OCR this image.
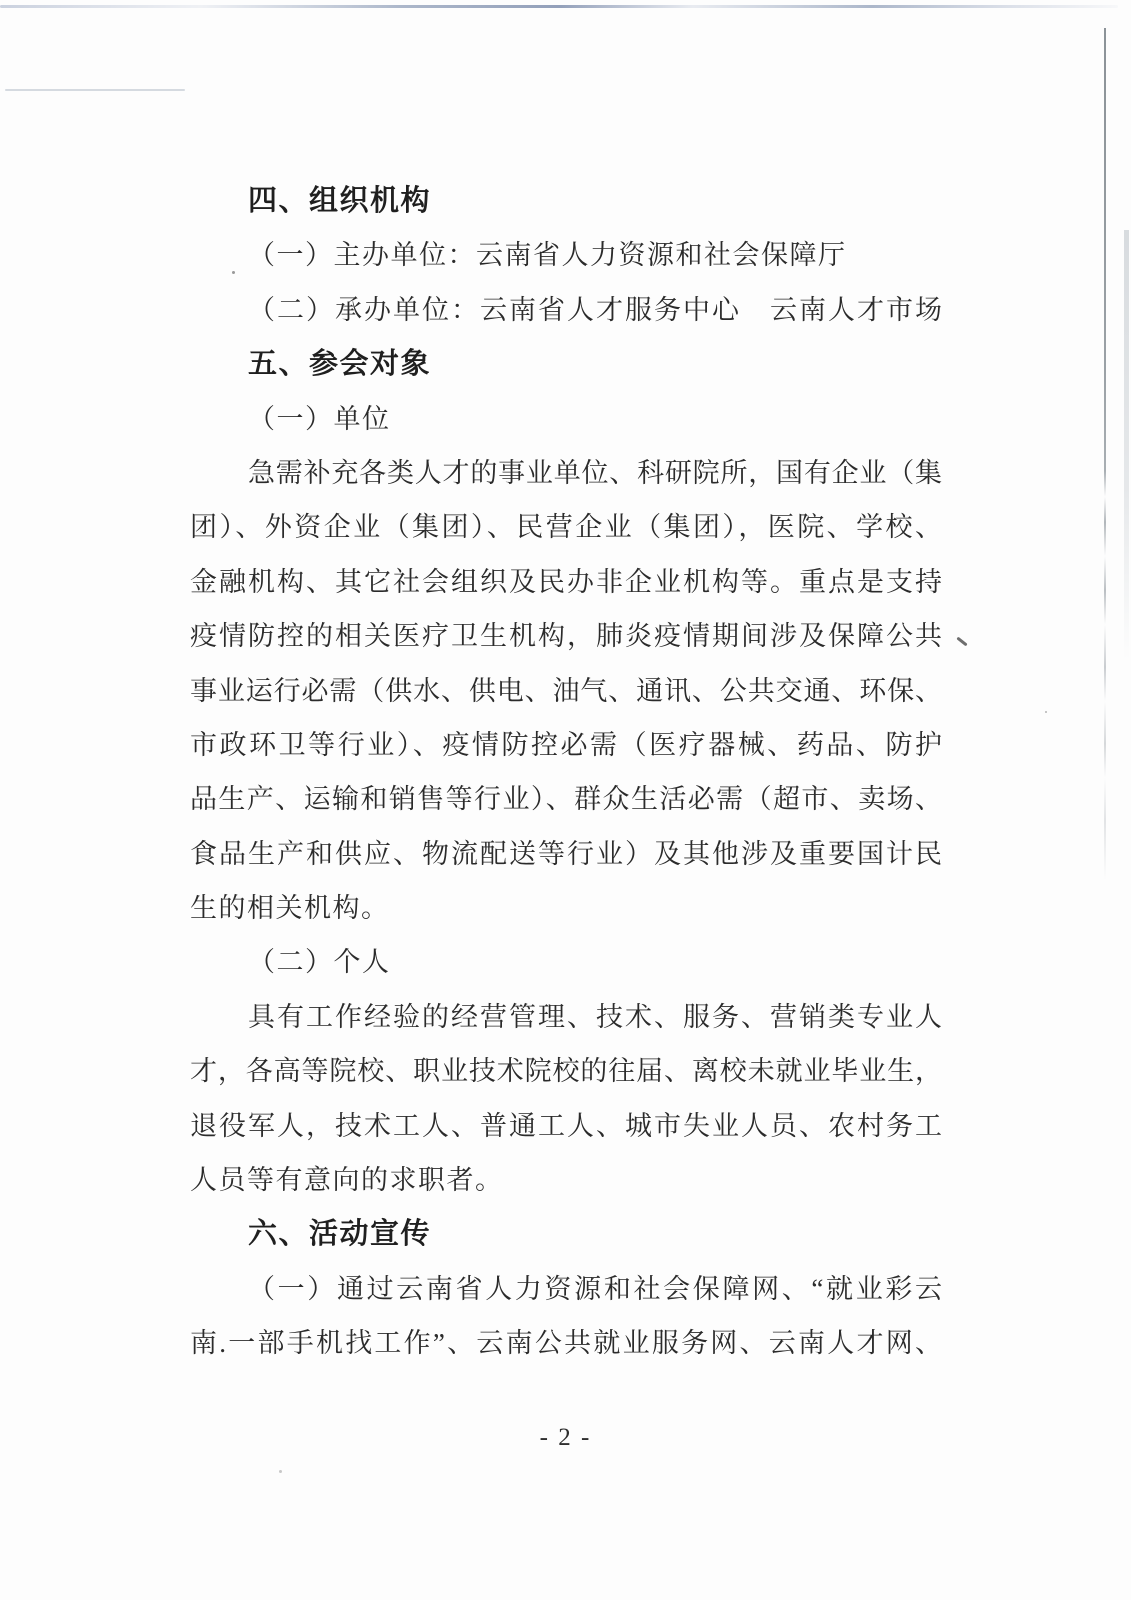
四、组织机构
（一）主办单位：云南省人力资源和社会保障厅
（二）承办单位：云南省人才服务中心　云南人才市场
五、参会对象
（一）单位
急需补充各类人才的事业单位、科研院所，国有企业（集
团）、外资企业（集团）、民营企业（集团），医院、学校、
金融机构、其它社会组织及民办非企业机构等。重点是支持
疫情防控的相关医疗卫生机构，肺炎疫情期间涉及保障公共
事业运行必需（供水、供电、油气、通讯、公共交通、环保、
市政环卫等行业）、疫情防控必需（医疗器械、药品、防护
品生产、运输和销售等行业）、群众生活必需（超市、卖场、
食品生产和供应、物流配送等行业）及其他涉及重要国计民
生的相关机构。
（二）个人
具有工作经验的经营管理、技术、服务、营销类专业人
才，各高等院校、职业技术院校的往届、离校未就业毕业生，
退役军人，技术工人、普通工人、城市失业人员、农村务工
人员等有意向的求职者。
六、活动宣传
（一）通过云南省人力资源和社会保障网、“就业彩云
南.一部手机找工作”、云南公共就业服务网、云南人才网、
- 2 -
